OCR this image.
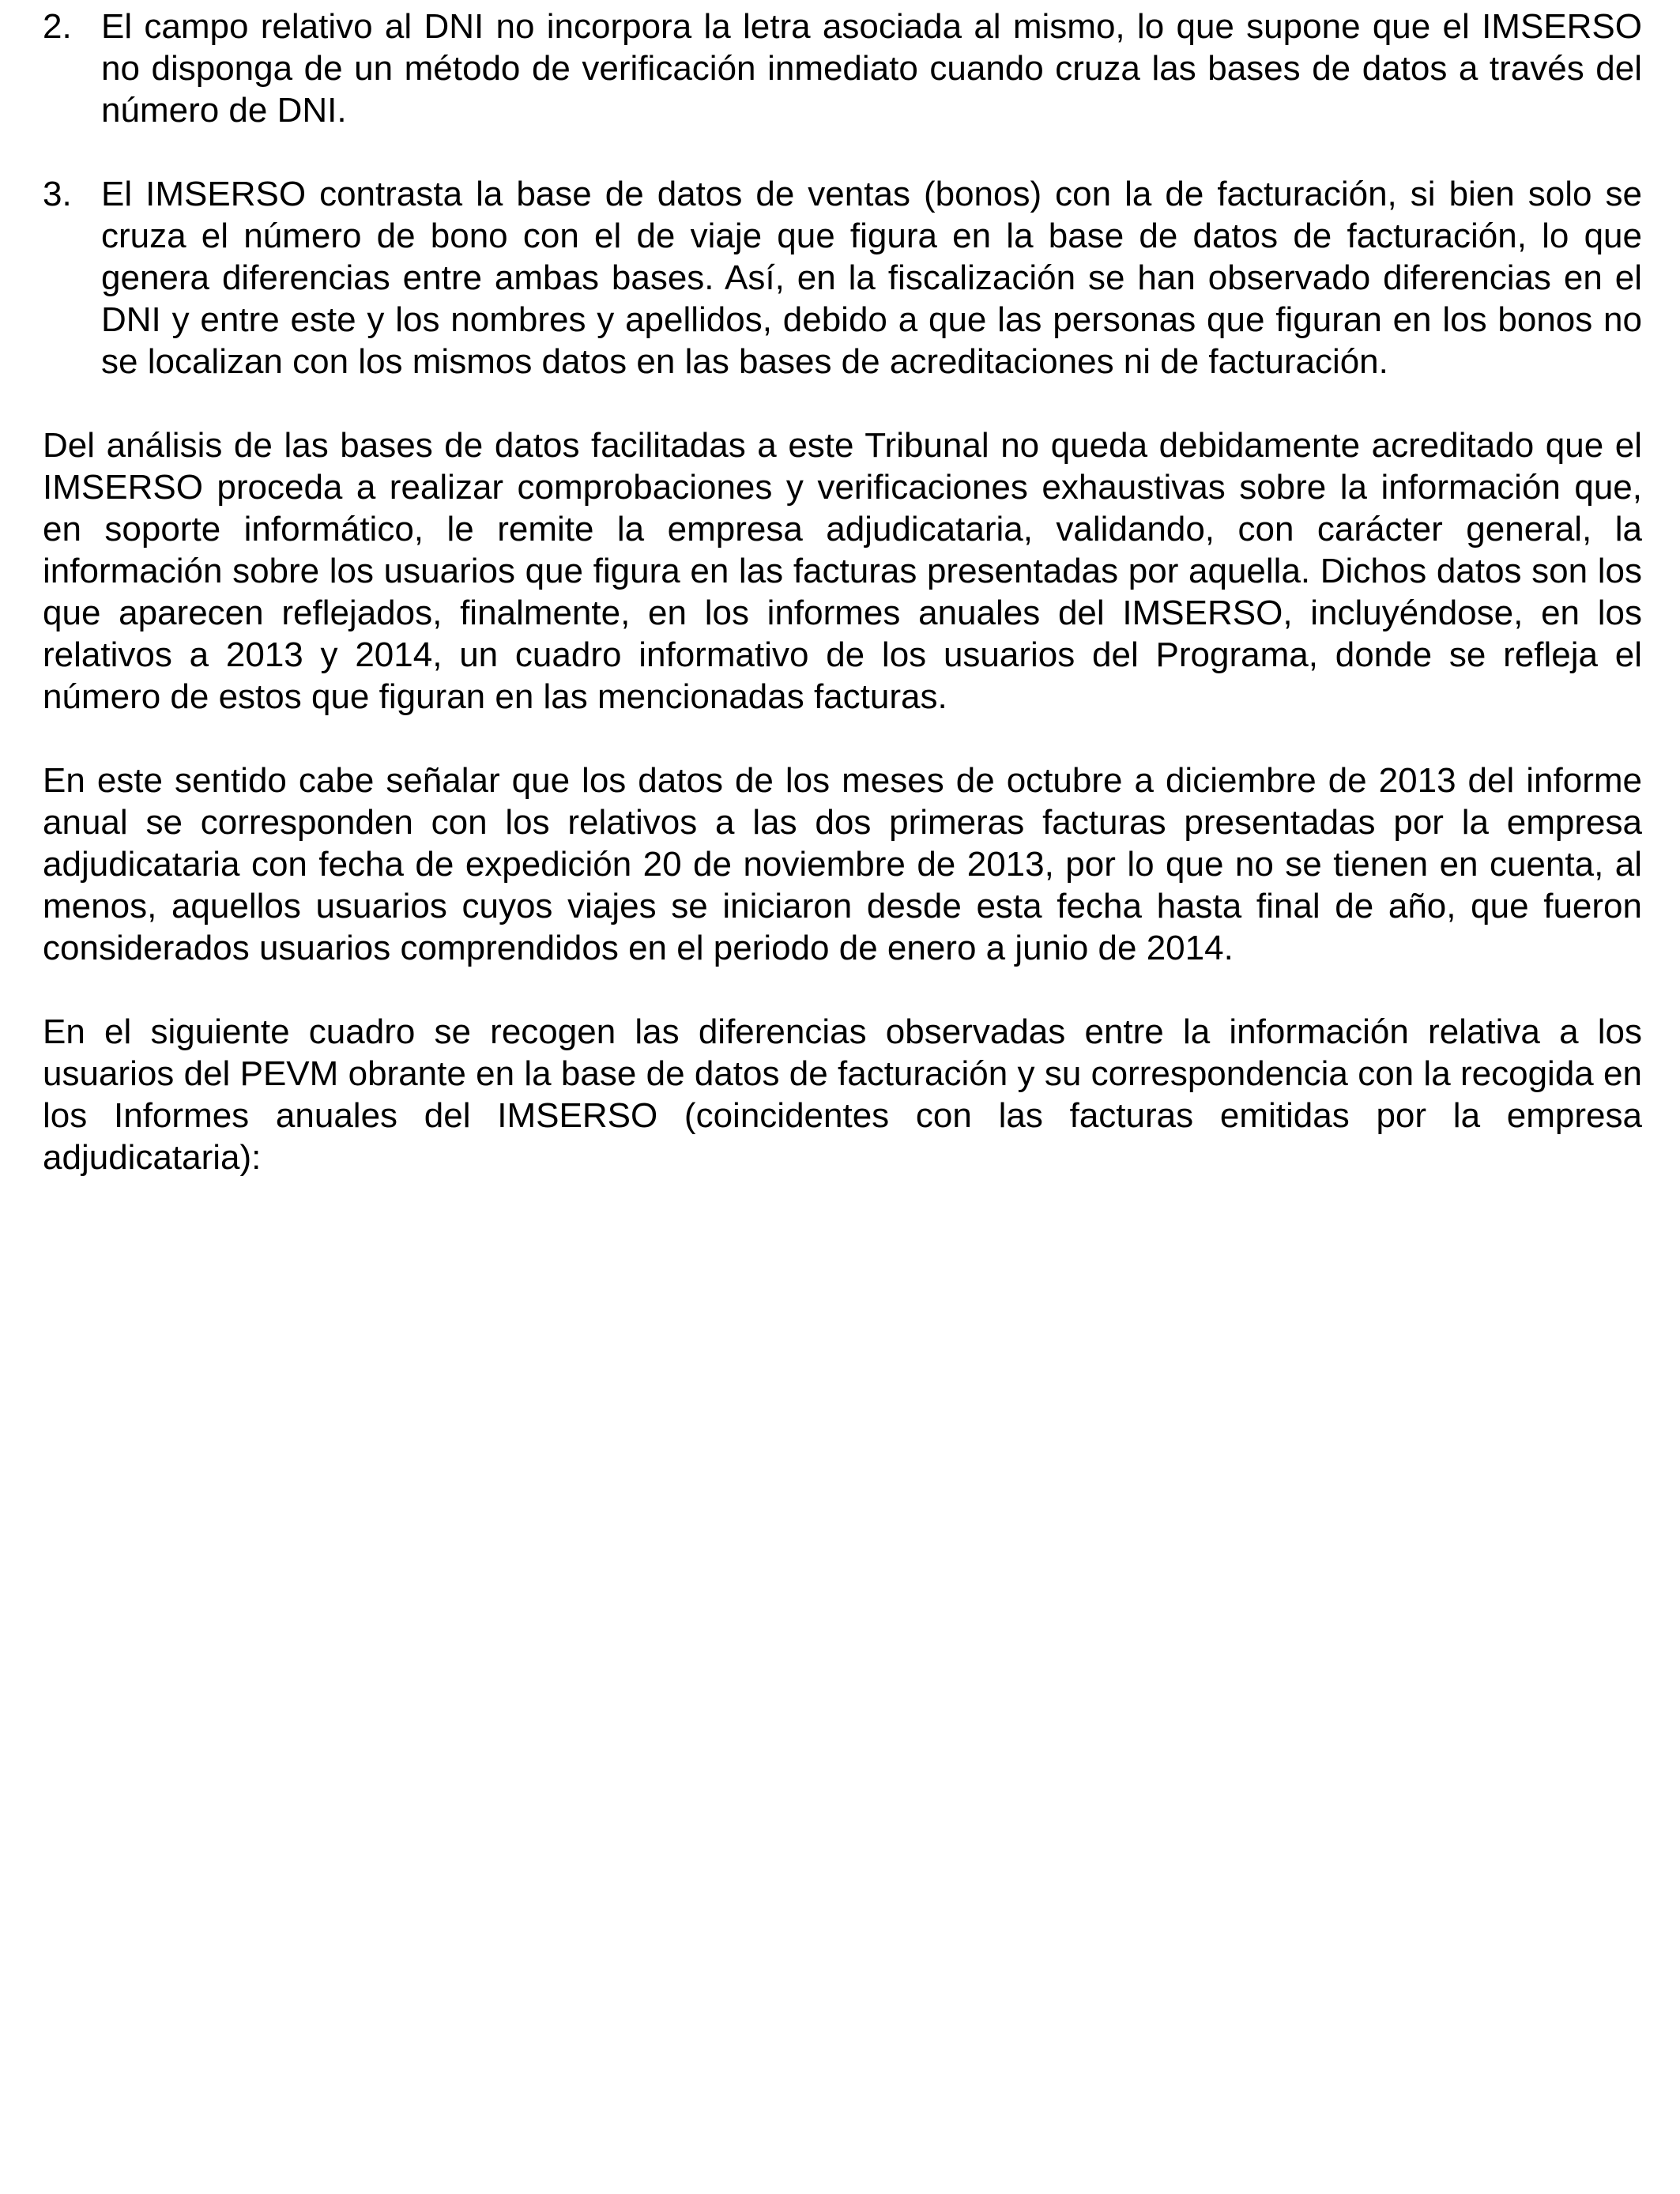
2. El campo relativo al DNI no incorpora la letra asociada al mismo, lo que supone que el IMSERSO no disponga de un método de verificación inmediato cuando cruza las bases de datos a través del número de DNI.

3. El IMSERSO contrasta la base de datos de ventas (bonos) con la de facturación, si bien solo se cruza el número de bono con el de viaje que figura en la base de datos de facturación, lo que genera diferencias entre ambas bases. Así, en la fiscalización se han observado diferencias en el DNI y entre este y los nombres y apellidos, debido a que las personas que figuran en los bonos no se localizan con los mismos datos en las bases de acreditaciones ni de facturación.

Del análisis de las bases de datos facilitadas a este Tribunal no queda debidamente acreditado que el IMSERSO proceda a realizar comprobaciones y verificaciones exhaustivas sobre la información que, en soporte informático, le remite la empresa adjudicataria, validando, con carácter general, la información sobre los usuarios que figura en las facturas presentadas por aquella. Dichos datos son los que aparecen reflejados, finalmente, en los informes anuales del IMSERSO, incluyéndose, en los relativos a 2013 y 2014, un cuadro informativo de los usuarios del Programa, donde se refleja el número de estos que figuran en las mencionadas facturas.

En este sentido cabe señalar que los datos de los meses de octubre a diciembre de 2013 del informe anual se corresponden con los relativos a las dos primeras facturas presentadas por la empresa adjudicataria con fecha de expedición 20 de noviembre de 2013, por lo que no se tienen en cuenta, al menos, aquellos usuarios cuyos viajes se iniciaron desde esta fecha hasta final de año, que fueron considerados usuarios comprendidos en el periodo de enero a junio de 2014.

En el siguiente cuadro se recogen las diferencias observadas entre la información relativa a los usuarios del PEVM obrante en la base de datos de facturación y su correspondencia con la recogida en los Informes anuales del IMSERSO (coincidentes con las facturas emitidas por la empresa adjudicataria):
